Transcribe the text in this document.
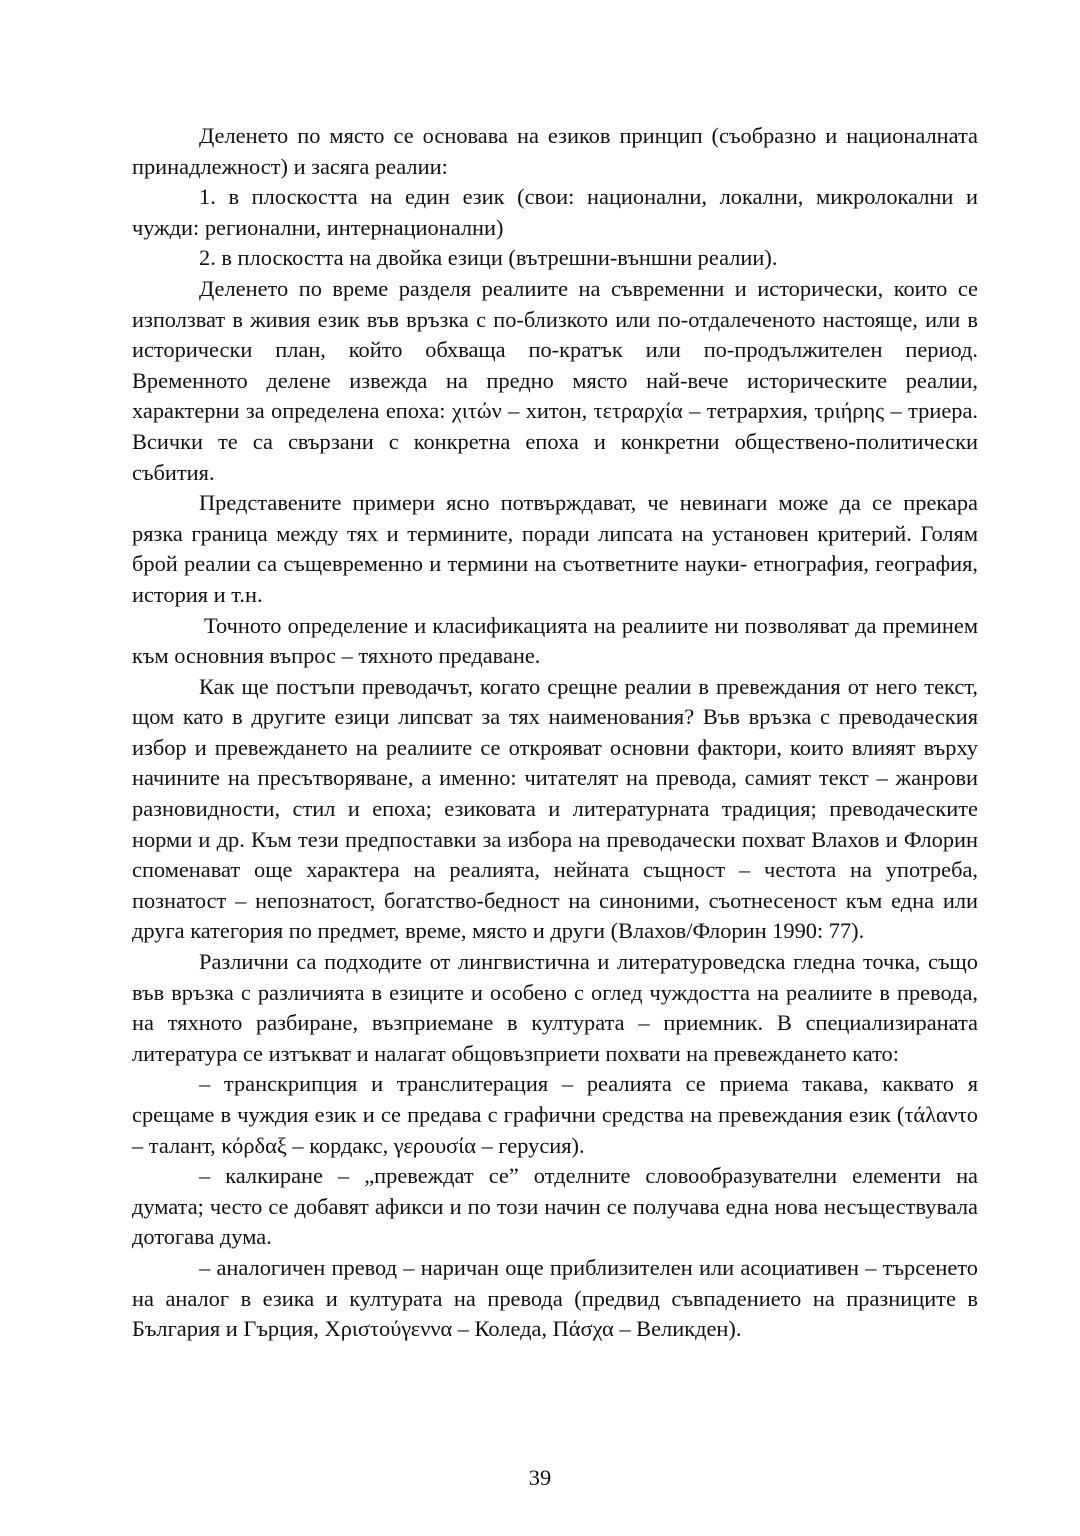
Деленето по място се основава на езиков принцип (съобразно и националната принадлежност) и засяга реалии:

1. в плоскостта на един език (свои: национални, локални, микролокални и чужди: регионални, интернационални)

2. в плоскостта на двойка езици (вътрешни-външни реалии).

Деленето по време разделя реалиите на съвременни и исторически, които се използват в живия език във връзка с по-близкото или по-отдалеченото настояще, или в исторически план, който обхваща по-кратък или по-продължителен период. Временното делене извежда на предно място най-вече историческите реалии, характерни за определена епоха: χιτών – хитон, τετραρχία – тетрархия, τριήρης – триера. Всички те са свързани с конкретна епоха и конкретни обществено-политически събития.

Представените примери ясно потвърждават, че невинаги може да се прекара рязка граница между тях и термините, поради липсата на установен критерий. Голям брой реалии са същевременно и термини на съответните науки- етнография, география, история и т.н.

Точното определение и класификацията на реалиите ни позволяват да преминем към основния въпрос – тяхното предаване.

Как ще постъпи преводачът, когато срещне реалии в превеждания от него текст, щом като в другите езици липсват за тях наименования? Във връзка с преводаческия избор и превеждането на реалиите се открояват основни фактори, които влияят върху начините на пресътворяване, а именно: читателят на превода, самият текст – жанрови разновидности, стил и епоха; езиковата и литературната традиция; преводаческите норми и др. Към тези предпоставки за избора на преводачески похват Влахов и Флорин споменават още характера на реалията, нейната същност – честота на употреба, познатост – непознатост, богатство-бедност на синоними, съотнесеност към една или друга категория по предмет, време, място и други (Влахов/Флорин 1990: 77).

Различни са подходите от лингвистична и литературоведска гледна точка, също във връзка с различията в езиците и особено с оглед чуждостта на реалиите в превода, на тяхното разбиране, възприемане в културата – приемник. В специализираната литература се изтъкват и налагат общовъзприети похвати на превеждането като:

– транскрипция и транслитерация – реалията се приема такава, каквато я срещаме в чуждия език и се предава с графични средства на превеждания език (τάλαντο – талант, κόρδαξ – кордакс, γερουσία – герусия).

– калкиране – „превеждат се” отделните словообразувателни елементи на думата; често се добавят афикси и по този начин се получава една нова несъществувала дотогава дума.

– аналогичен превод – наричан още приблизителен или асоциативен – търсенето на аналог в езика и културата на превода (предвид съвпадението на празниците в България и Гърция, Χριστούγεννα – Коледа, Πάσχα – Великден).

39
